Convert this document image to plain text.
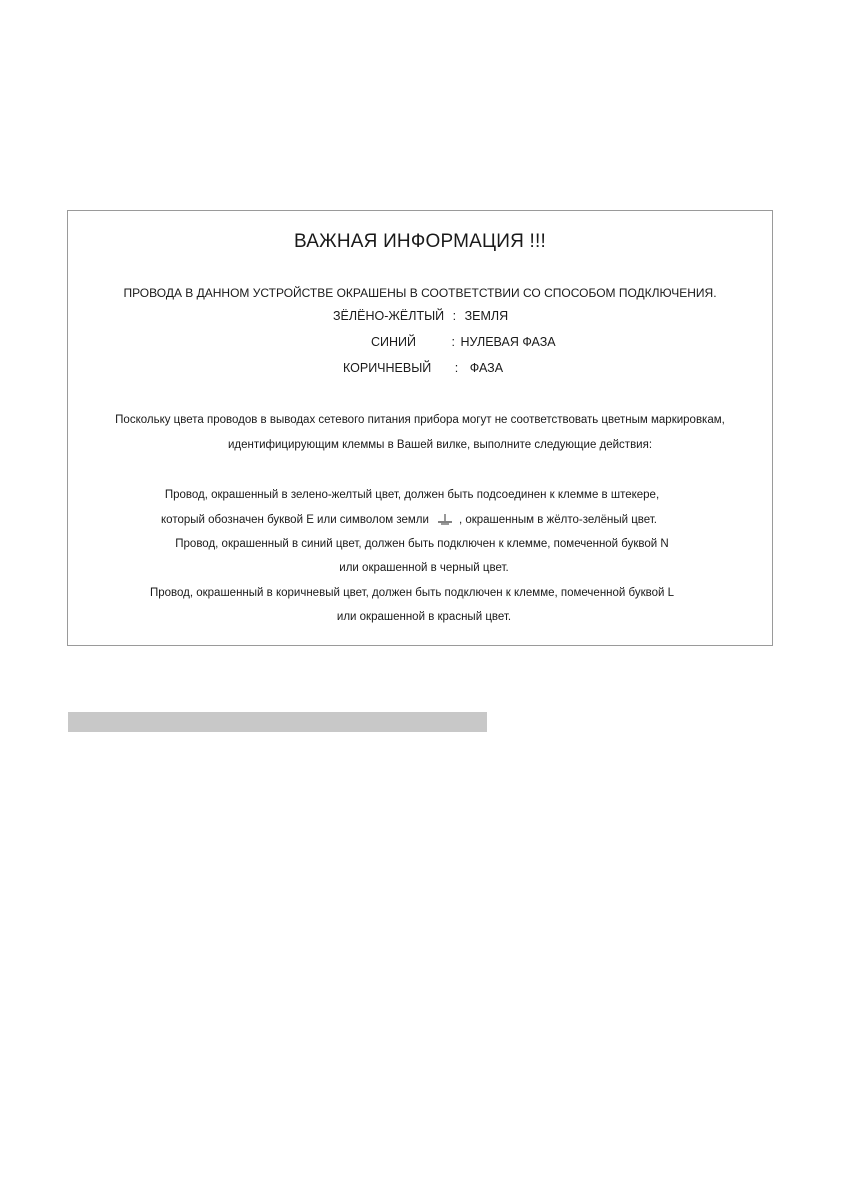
ВАЖНАЯ ИНФОРМАЦИЯ !!!
ПРОВОДА В ДАННОМ УСТРОЙСТВЕ ОКРАШЕНЫ В СООТВЕТСТВИИ СО СПОСОБОМ ПОДКЛЮЧЕНИЯ.
ЗЁЛЁНО-ЖЁЛТЫЙ : ЗЕМЛЯ
СИНИЙ	: НУЛЕВАЯ ФАЗА
КОРИЧНЕВЫЙ : ФАЗА
Поскольку цвета проводов в выводах сетевого питания прибора могут не соответствовать цветным маркировкам,
идентифицирующим клеммы в Вашей вилке, выполните следующие действия:
Провод, окрашенный в зелено-желтый цвет, должен быть подсоединен к клемме в штекере,
который обозначен буквой E или символом земли	, окрашенным в жёлто-зелёный цвет.
Провод, окрашенный в синий цвет, должен быть подключен к клемме, помеченной буквой N
или окрашенной в черный цвет.
Провод, окрашенный в коричневый цвет, должен быть подключен к клемме, помеченной буквой L
или окрашенной в красный цвет.
